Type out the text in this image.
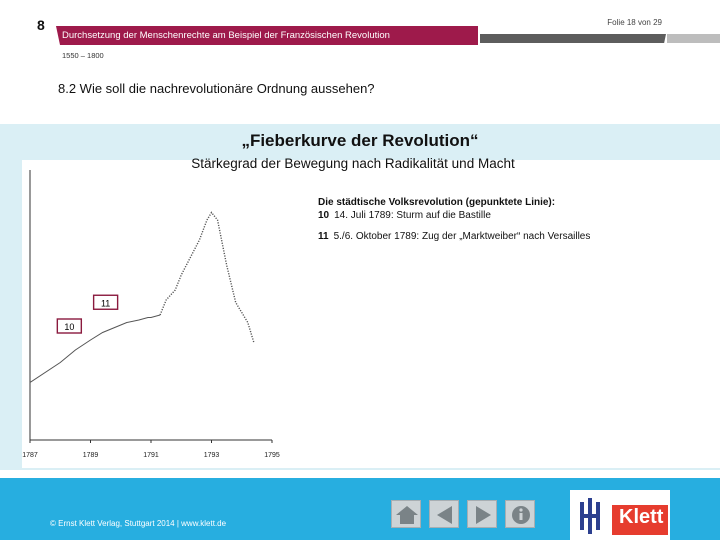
8	Folie 18 von 29
Durchsetzung der Menschenrechte am Beispiel der Französischen Revolution
1550 – 1800
8.2 Wie soll die nachrevolutionäre Ordnung aussehen?
„Fieberkurve der Revolution“
Stärkegrad der Bewegung nach Radikalität und Macht
1787	1789	1791	1793	1795
10
11
Die städtische Volksrevolution (gepunktete Linie):
10 14. Juli 1789: Sturm auf die Bastille
11 5./6. Oktober 1789: Zug der „Marktweiber“ nach Versailles
© Ernst Klett Verlag, Stuttgart 2014 | www.klett.de	Klett
